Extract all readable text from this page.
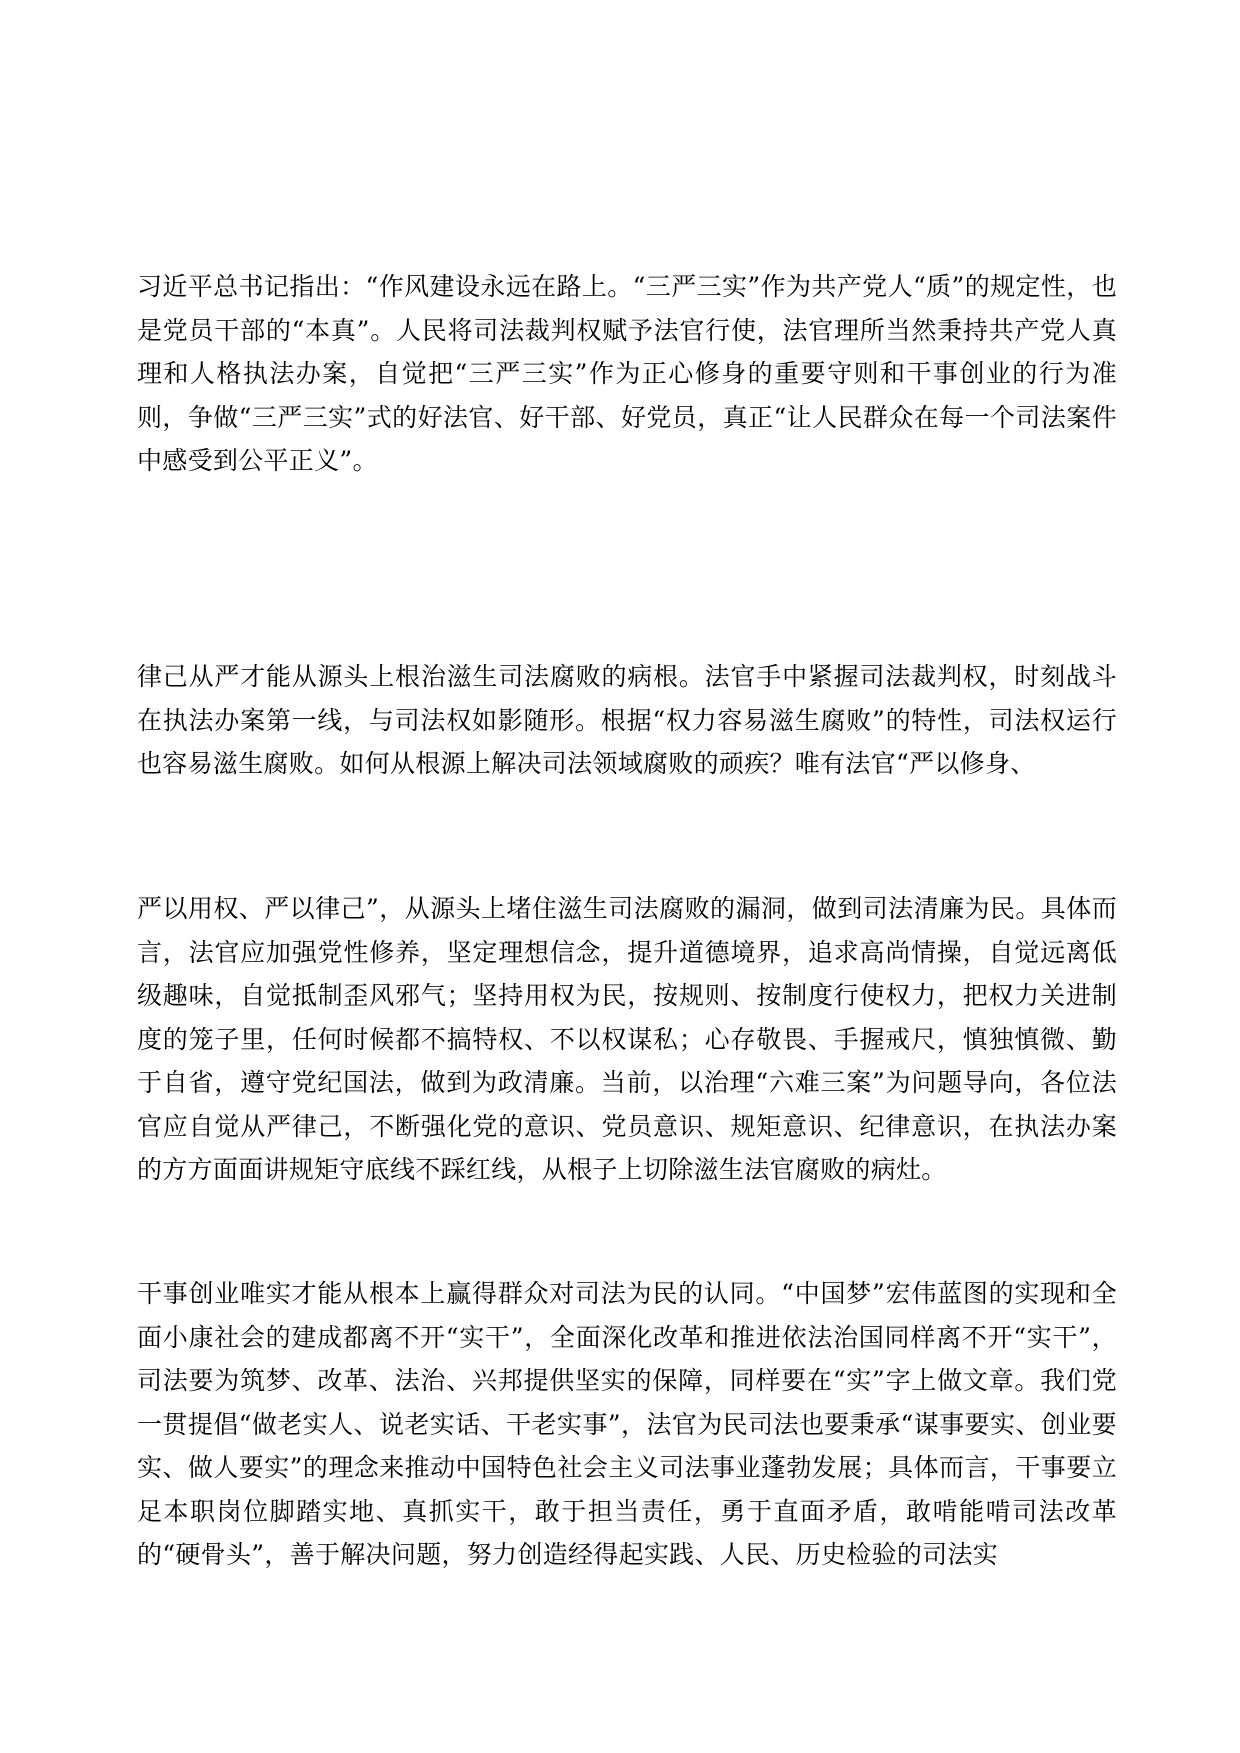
习近平总书记指出：“作风建设永远在路上。“三严三实”作为共产党人“质”的规定性，也是党员干部的“本真”。人民将司法裁判权赋予法官行使，法官理所当然秉持共产党人真理和人格执法办案，自觉把“三严三实”作为正心修身的重要守则和干事创业的行为准则，争做“三严三实”式的好法官、好干部、好党员，真正“让人民群众在每一个司法案件中感受到公平正义”。

律己从严才能从源头上根治滋生司法腐败的病根。法官手中紧握司法裁判权，时刻战斗在执法办案第一线，与司法权如影随形。根据“权力容易滋生腐败”的特性，司法权运行也容易滋生腐败。如何从根源上解决司法领域腐败的顽疾？唯有法官“严以修身、

严以用权、严以律己”，从源头上堵住滋生司法腐败的漏洞，做到司法清廉为民。具体而言，法官应加强党性修养，坚定理想信念，提升道德境界，追求高尚情操，自觉远离低级趣味，自觉抵制歪风邪气；坚持用权为民，按规则、按制度行使权力，把权力关进制度的笼子里，任何时候都不搞特权、不以权谋私；心存敬畏、手握戒尺，慎独慎微、勤于自省，遵守党纪国法，做到为政清廉。当前，以治理“六难三案”为问题导向，各位法官应自觉从严律己，不断强化党的意识、党员意识、规矩意识、纪律意识，在执法办案的方方面面讲规矩守底线不踩红线，从根子上切除滋生法官腐败的病灶。

干事创业唯实才能从根本上赢得群众对司法为民的认同。“中国梦”宏伟蓝图的实现和全面小康社会的建成都离不开“实干”，全面深化改革和推进依法治国同样离不开“实干”，司法要为筑梦、改革、法治、兴邦提供坚实的保障，同样要在“实”字上做文章。我们党一贯提倡“做老实人、说老实话、干老实事”，法官为民司法也要秉承“谋事要实、创业要实、做人要实”的理念来推动中国特色社会主义司法事业蓬勃发展；具体而言，干事要立足本职岗位脚踏实地、真抓实干，敢于担当责任，勇于直面矛盾，敢啃能啃司法改革的“硬骨头”，善于解决问题，努力创造经得起实践、人民、历史检验的司法实
